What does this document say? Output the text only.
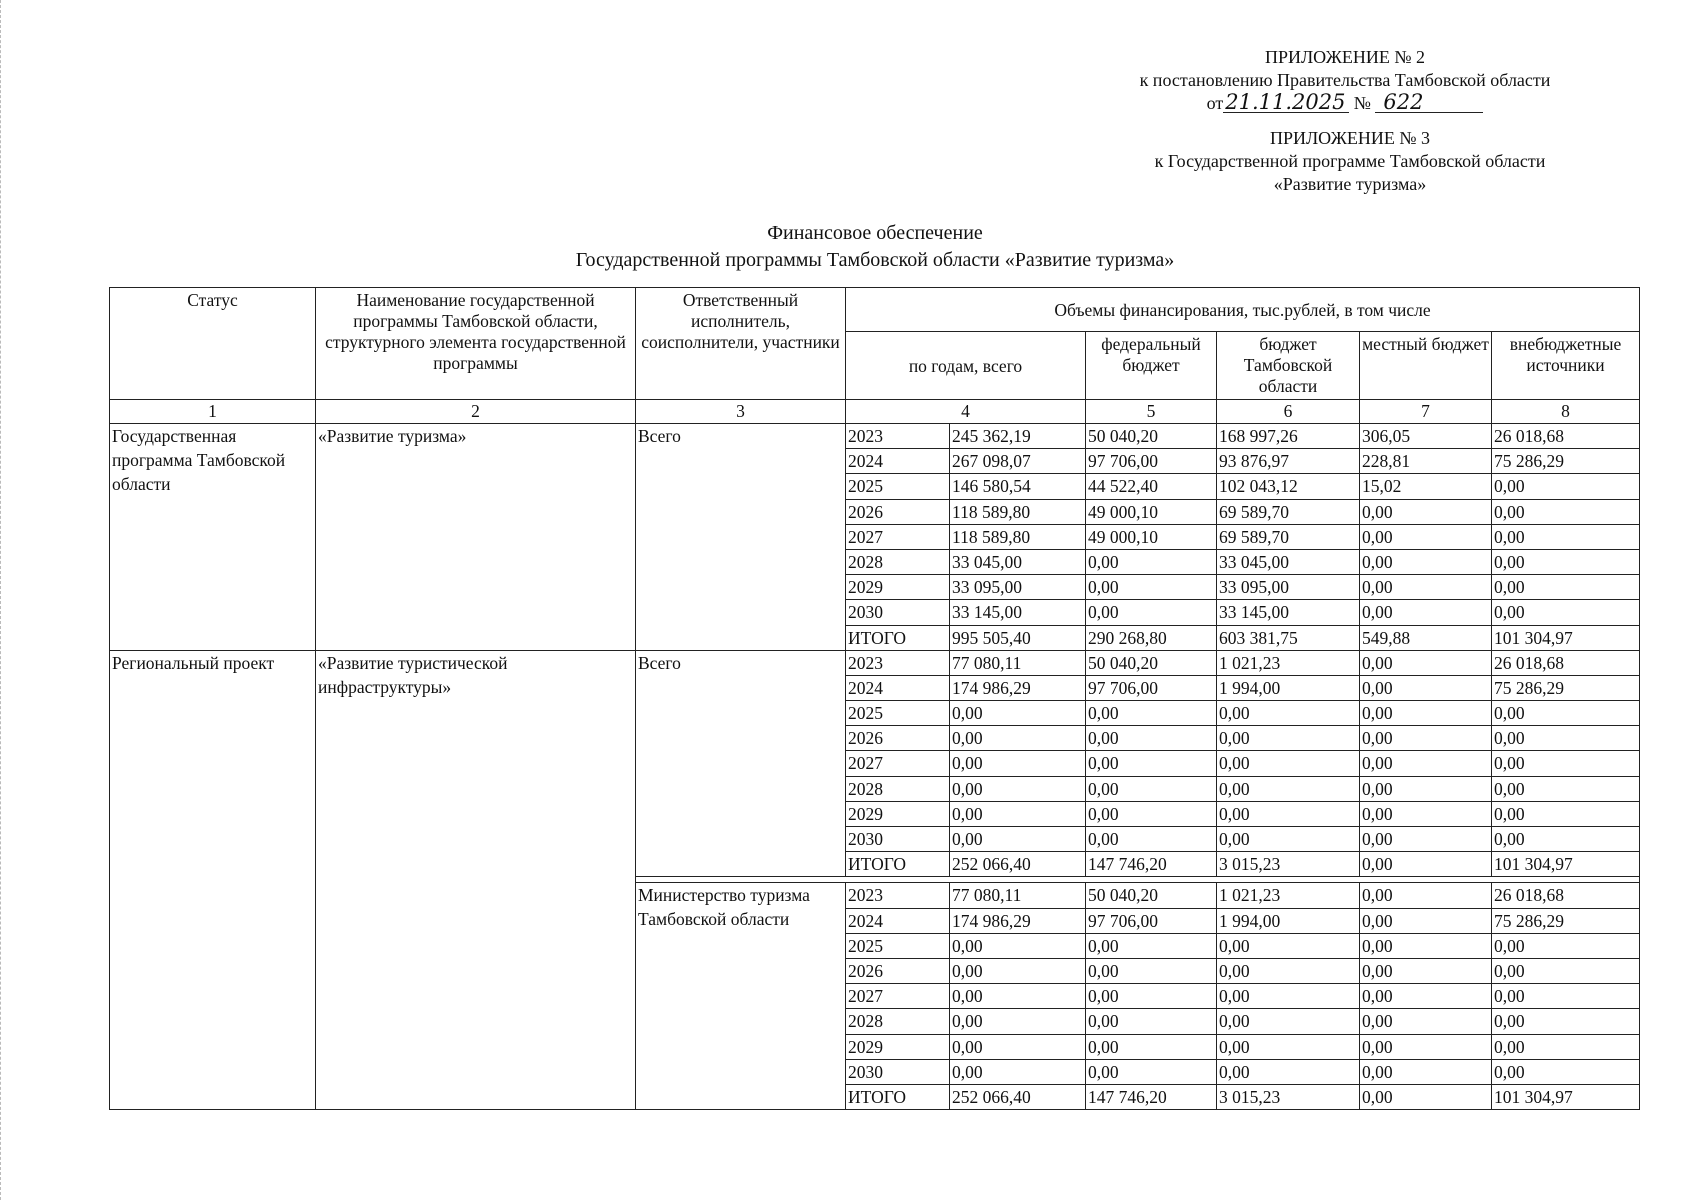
ПРИЛОЖЕНИЕ № 2
к постановлению Правительства Тамбовской области
от21.11.2025 № 622
ПРИЛОЖЕНИЕ № 3
к Государственной программе Тамбовской области
«Развитие туризма»
Финансовое обеспечение
Государственной программы Тамбовской области «Развитие туризма»
Статус	Наименование государственной программы Тамбовской области, структурного элемента государственной программы	Ответственный исполнитель, соисполнители, участники	Объемы финансирования, тыс.рублей, в том числе					
			по годам, всего		федеральный бюджет	бюджет Тамбовской области	местный бюджет	внебюджетные источники
1	2	3	4		5	6	7	8
Государственная программа Тамбовской области	«Развитие туризма»	Всего	2023	245 362,19	50 040,20	168 997,26	306,05	26 018,68
			2024	267 098,07	97 706,00	93 876,97	228,81	75 286,29
			2025	146 580,54	44 522,40	102 043,12	15,02	0,00
			2026	118 589,80	49 000,10	69 589,70	0,00	0,00
			2027	118 589,80	49 000,10	69 589,70	0,00	0,00
			2028	33 045,00	0,00	33 045,00	0,00	0,00
			2029	33 095,00	0,00	33 095,00	0,00	0,00
			2030	33 145,00	0,00	33 145,00	0,00	0,00
			ИТОГО	995 505,40	290 268,80	603 381,75	549,88	101 304,97
Региональный проект	«Развитие туристической инфраструктуры»	Всего	2023	77 080,11	50 040,20	1 021,23	0,00	26 018,68
			2024	174 986,29	97 706,00	1 994,00	0,00	75 286,29
			2025	0,00	0,00	0,00	0,00	0,00
			2026	0,00	0,00	0,00	0,00	0,00
			2027	0,00	0,00	0,00	0,00	0,00
			2028	0,00	0,00	0,00	0,00	0,00
			2029	0,00	0,00	0,00	0,00	0,00
			2030	0,00	0,00	0,00	0,00	0,00
			ИТОГО	252 066,40	147 746,20	3 015,23	0,00	101 304,97

		Министерство туризма Тамбовской области	2023	77 080,11	50 040,20	1 021,23	0,00	26 018,68
			2024	174 986,29	97 706,00	1 994,00	0,00	75 286,29
			2025	0,00	0,00	0,00	0,00	0,00
			2026	0,00	0,00	0,00	0,00	0,00
			2027	0,00	0,00	0,00	0,00	0,00
			2028	0,00	0,00	0,00	0,00	0,00
			2029	0,00	0,00	0,00	0,00	0,00
			2030	0,00	0,00	0,00	0,00	0,00
			ИТОГО	252 066,40	147 746,20	3 015,23	0,00	101 304,97
